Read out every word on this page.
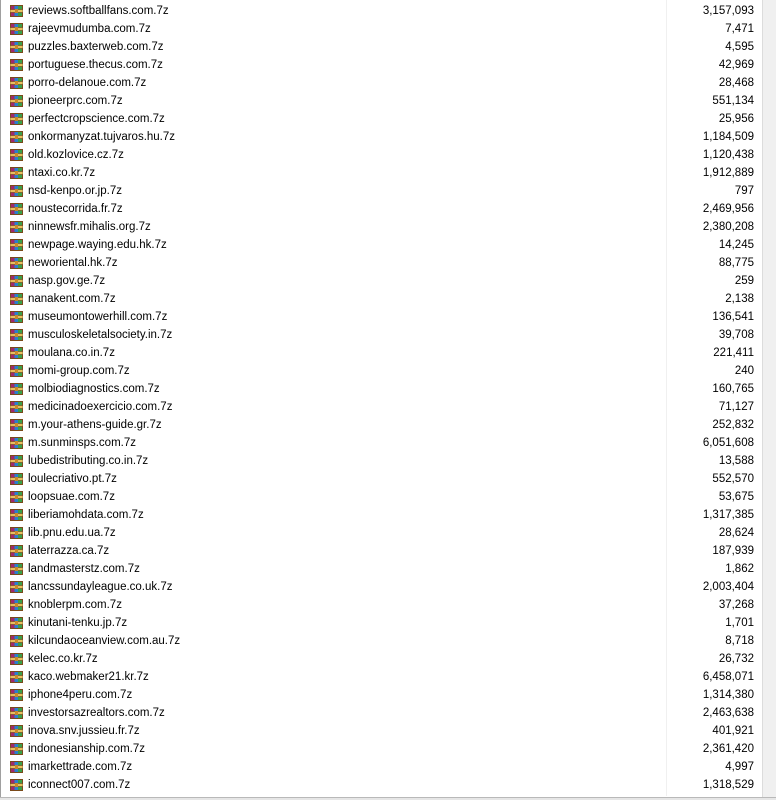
reviews.softballfans.com.7z	3,157,093
rajeevmudumba.com.7z	7,471
puzzles.baxterweb.com.7z	4,595
portuguese.thecus.com.7z	42,969
porro-delanoue.com.7z	28,468
pioneerprc.com.7z	551,134
perfectcropscience.com.7z	25,956
onkormanyzat.tujvaros.hu.7z	1,184,509
old.kozlovice.cz.7z	1,120,438
ntaxi.co.kr.7z	1,912,889
nsd-kenpo.or.jp.7z	797
noustecorrida.fr.7z	2,469,956
ninnewsfr.mihalis.org.7z	2,380,208
newpage.waying.edu.hk.7z	14,245
neworiental.hk.7z	88,775
nasp.gov.ge.7z	259
nanakent.com.7z	2,138
museumontowerhill.com.7z	136,541
musculoskeletalsociety.in.7z	39,708
moulana.co.in.7z	221,411
momi-group.com.7z	240
molbiodiagnostics.com.7z	160,765
medicinadoexercicio.com.7z	71,127
m.your-athens-guide.gr.7z	252,832
m.sunminsps.com.7z	6,051,608
lubedistributing.co.in.7z	13,588
loulecriativo.pt.7z	552,570
loopsuae.com.7z	53,675
liberiamohdata.com.7z	1,317,385
lib.pnu.edu.ua.7z	28,624
laterrazza.ca.7z	187,939
landmasterstz.com.7z	1,862
lancssundayleague.co.uk.7z	2,003,404
knoblerpm.com.7z	37,268
kinutani-tenku.jp.7z	1,701
kilcundaoceanview.com.au.7z	8,718
kelec.co.kr.7z	26,732
kaco.webmaker21.kr.7z	6,458,071
iphone4peru.com.7z	1,314,380
investorsazrealtors.com.7z	2,463,638
inova.snv.jussieu.fr.7z	401,921
indonesianship.com.7z	2,361,420
imarkettrade.com.7z	4,997
iconnect007.com.7z	1,318,529
